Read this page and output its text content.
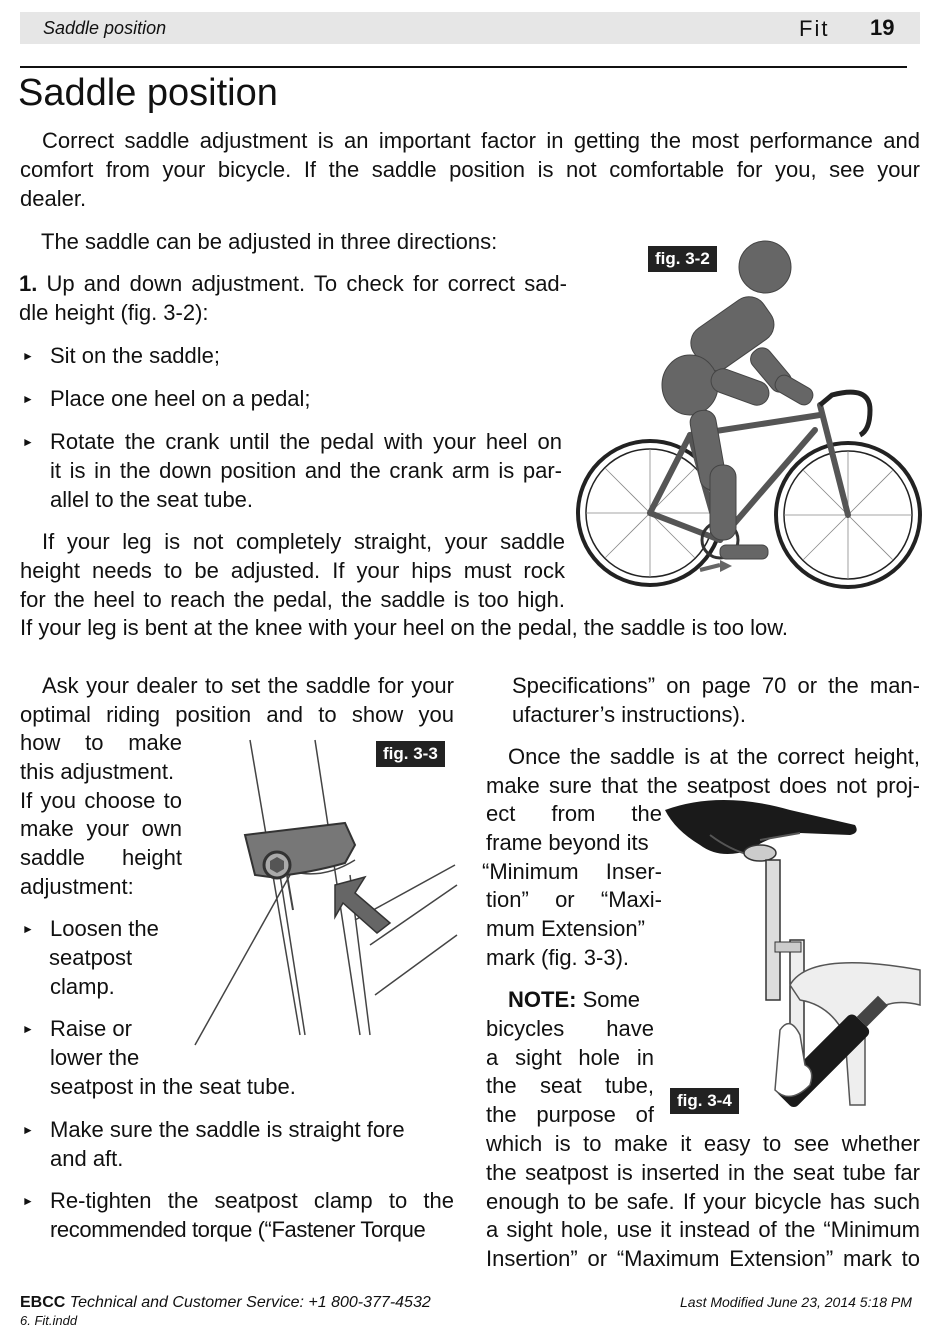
Saddle position	Fit 19
Saddle position

Correct saddle adjustment is an important factor in getting the most performance and

comfort from your bicycle. If the saddle position is not comfortable for you, see your

dealer.

The saddle can be adjusted in three directions:

1. Up and down adjustment. To check for correct sad-

dle height (fig. 3-2):

► Sit on the saddle;
► Place one heel on a pedal;
► Rotate the crank until the pedal with your heel on

it is in the down position and the crank arm is par-

allel to the seat tube.

If your leg is not completely straight, your saddle

height needs to be adjusted. If your hips must rock

for the heel to reach the pedal, the saddle is too high.

If your leg is bent at the knee with your heel on the pedal, the saddle is too low.
fig. 3-2

Ask your dealer to set the saddle for your

optimal riding position and to show you

how to make

this adjustment.

If you choose to

make your own

saddle height

adjustment:

► Loosen the

seatpost

clamp.

► Raise or

lower the

seatpost in the seat tube.

► Make sure the saddle is straight fore

and aft.

► Re-tighten the seatpost clamp to the

recommended torque (“Fastener Torque

fig. 3-3

Specifications” on page 70 or the man-

ufacturer’s instructions).

Once the saddle is at the correct height,

make sure that the seatpost does not proj-

ect from the

frame beyond its

“Minimum Inser-

tion” or “Maxi-

mum Extension”

mark (fig. 3-3).

NOTE: Some

bicycles have

a sight hole in

the seat tube,

the purpose of

which is to make it easy to see whether

the seatpost is inserted in the seat tube far

enough to be safe. If your bicycle has such

a sight hole, use it instead of the “Minimum

Insertion” or “Maximum Extension” mark to

fig. 3-4
EBCC Technical and Customer Service: +1 800-377-4532
6. Fit.indd
Last Modified June 23, 2014 5:18 PM
